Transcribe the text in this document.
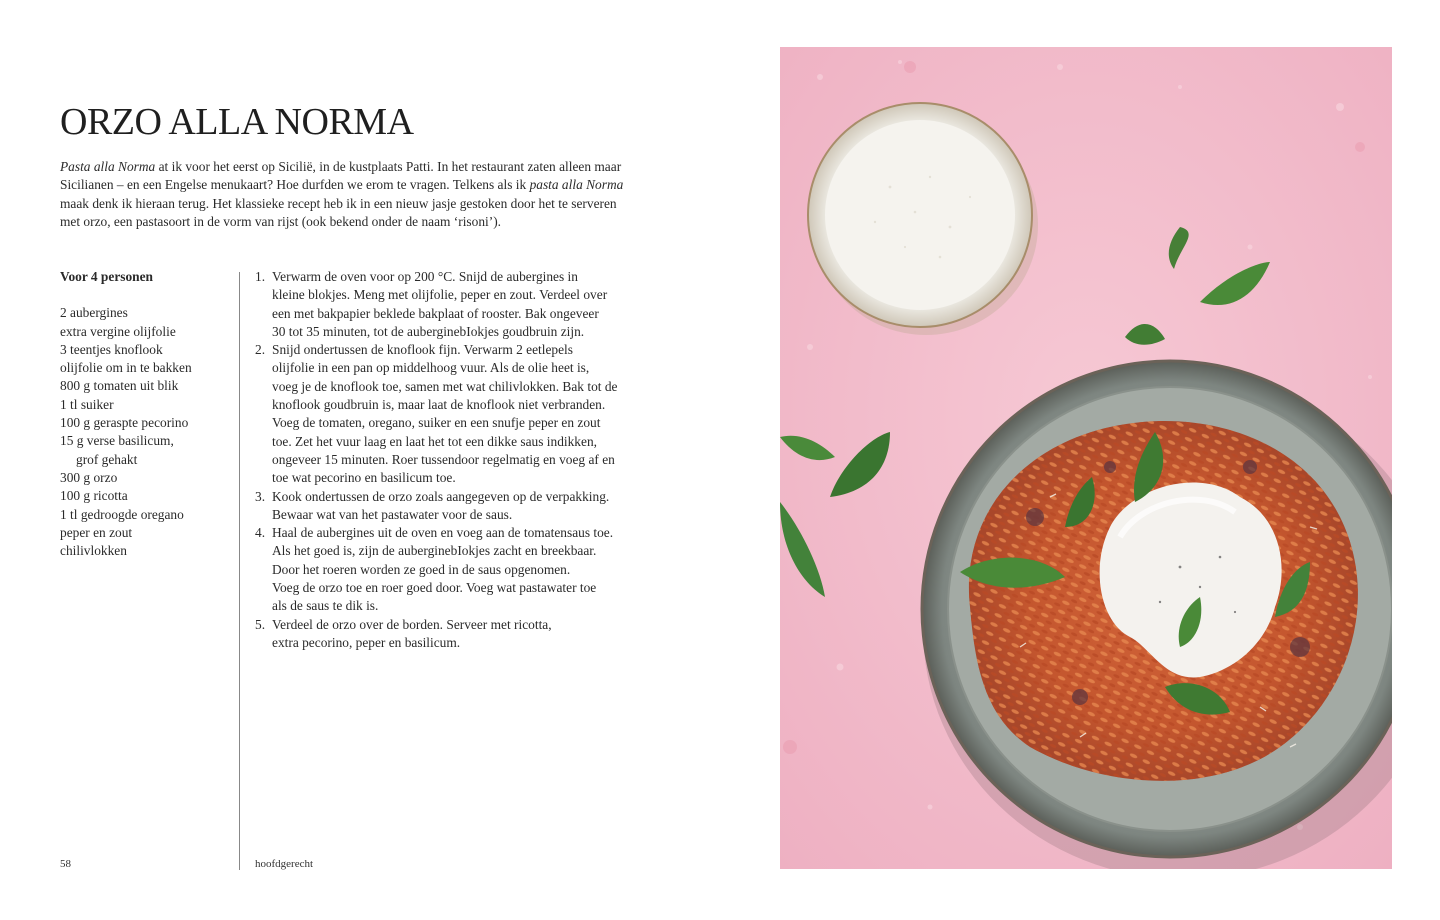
ORZO ALLA NORMA

Pasta alla Norma at ik voor het eerst op Sicilië, in de kustplaats Patti. In het restaurant zaten alleen maar Sicilianen – en een Engelse menukaart? Hoe durfden we erom te vragen. Telkens als ik pasta alla Norma maak denk ik hieraan terug. Het klassieke recept heb ik in een nieuw jasje gestoken door het te serveren met orzo, een pastasoort in de vorm van rijst (ook bekend onder de naam ‘risoni’).

Voor 4 personen

2 aubergines
extra vergine olijfolie
3 teentjes knoflook
olijfolie om in te bakken
800 g tomaten uit blik
1 tl suiker
100 g geraspte pecorino
15 g verse basilicum,
grof gehakt
300 g orzo
100 g ricotta
1 tl gedroogde oregano
peper en zout
chilivlokken
1. Verwarm de oven voor op 200 °C. Snijd de aubergines in
kleine blokjes. Meng met olijfolie, peper en zout. Verdeel over
een met bakpapier beklede bakplaat of rooster. Bak ongeveer
30 tot 35 minuten, tot de auberginebIokjes goudbruin zijn.
2. Snijd ondertussen de knoflook fijn. Verwarm 2 eetlepels
olijfolie in een pan op middelhoog vuur. Als de olie heet is,
voeg je de knoflook toe, samen met wat chilivlokken. Bak tot de
knoflook goudbruin is, maar laat de knoflook niet verbranden.
Voeg de tomaten, oregano, suiker en een snufje peper en zout
toe. Zet het vuur laag en laat het tot een dikke saus indikken,
ongeveer 15 minuten. Roer tussendoor regelmatig en voeg af en
toe wat pecorino en basilicum toe.
3. Kook ondertussen de orzo zoals aangegeven op de verpakking.
Bewaar wat van het pastawater voor de saus.
4. Haal de aubergines uit de oven en voeg aan de tomatensaus toe.
Als het goed is, zijn de auberginebIokjes zacht en breekbaar.
Door het roeren worden ze goed in de saus opgenomen.
Voeg de orzo toe en roer goed door. Voeg wat pastawater toe
als de saus te dik is.
5. Verdeel de orzo over de borden. Serveer met ricotta,
extra pecorino, peper en basilicum.
58	hoofdgerecht
